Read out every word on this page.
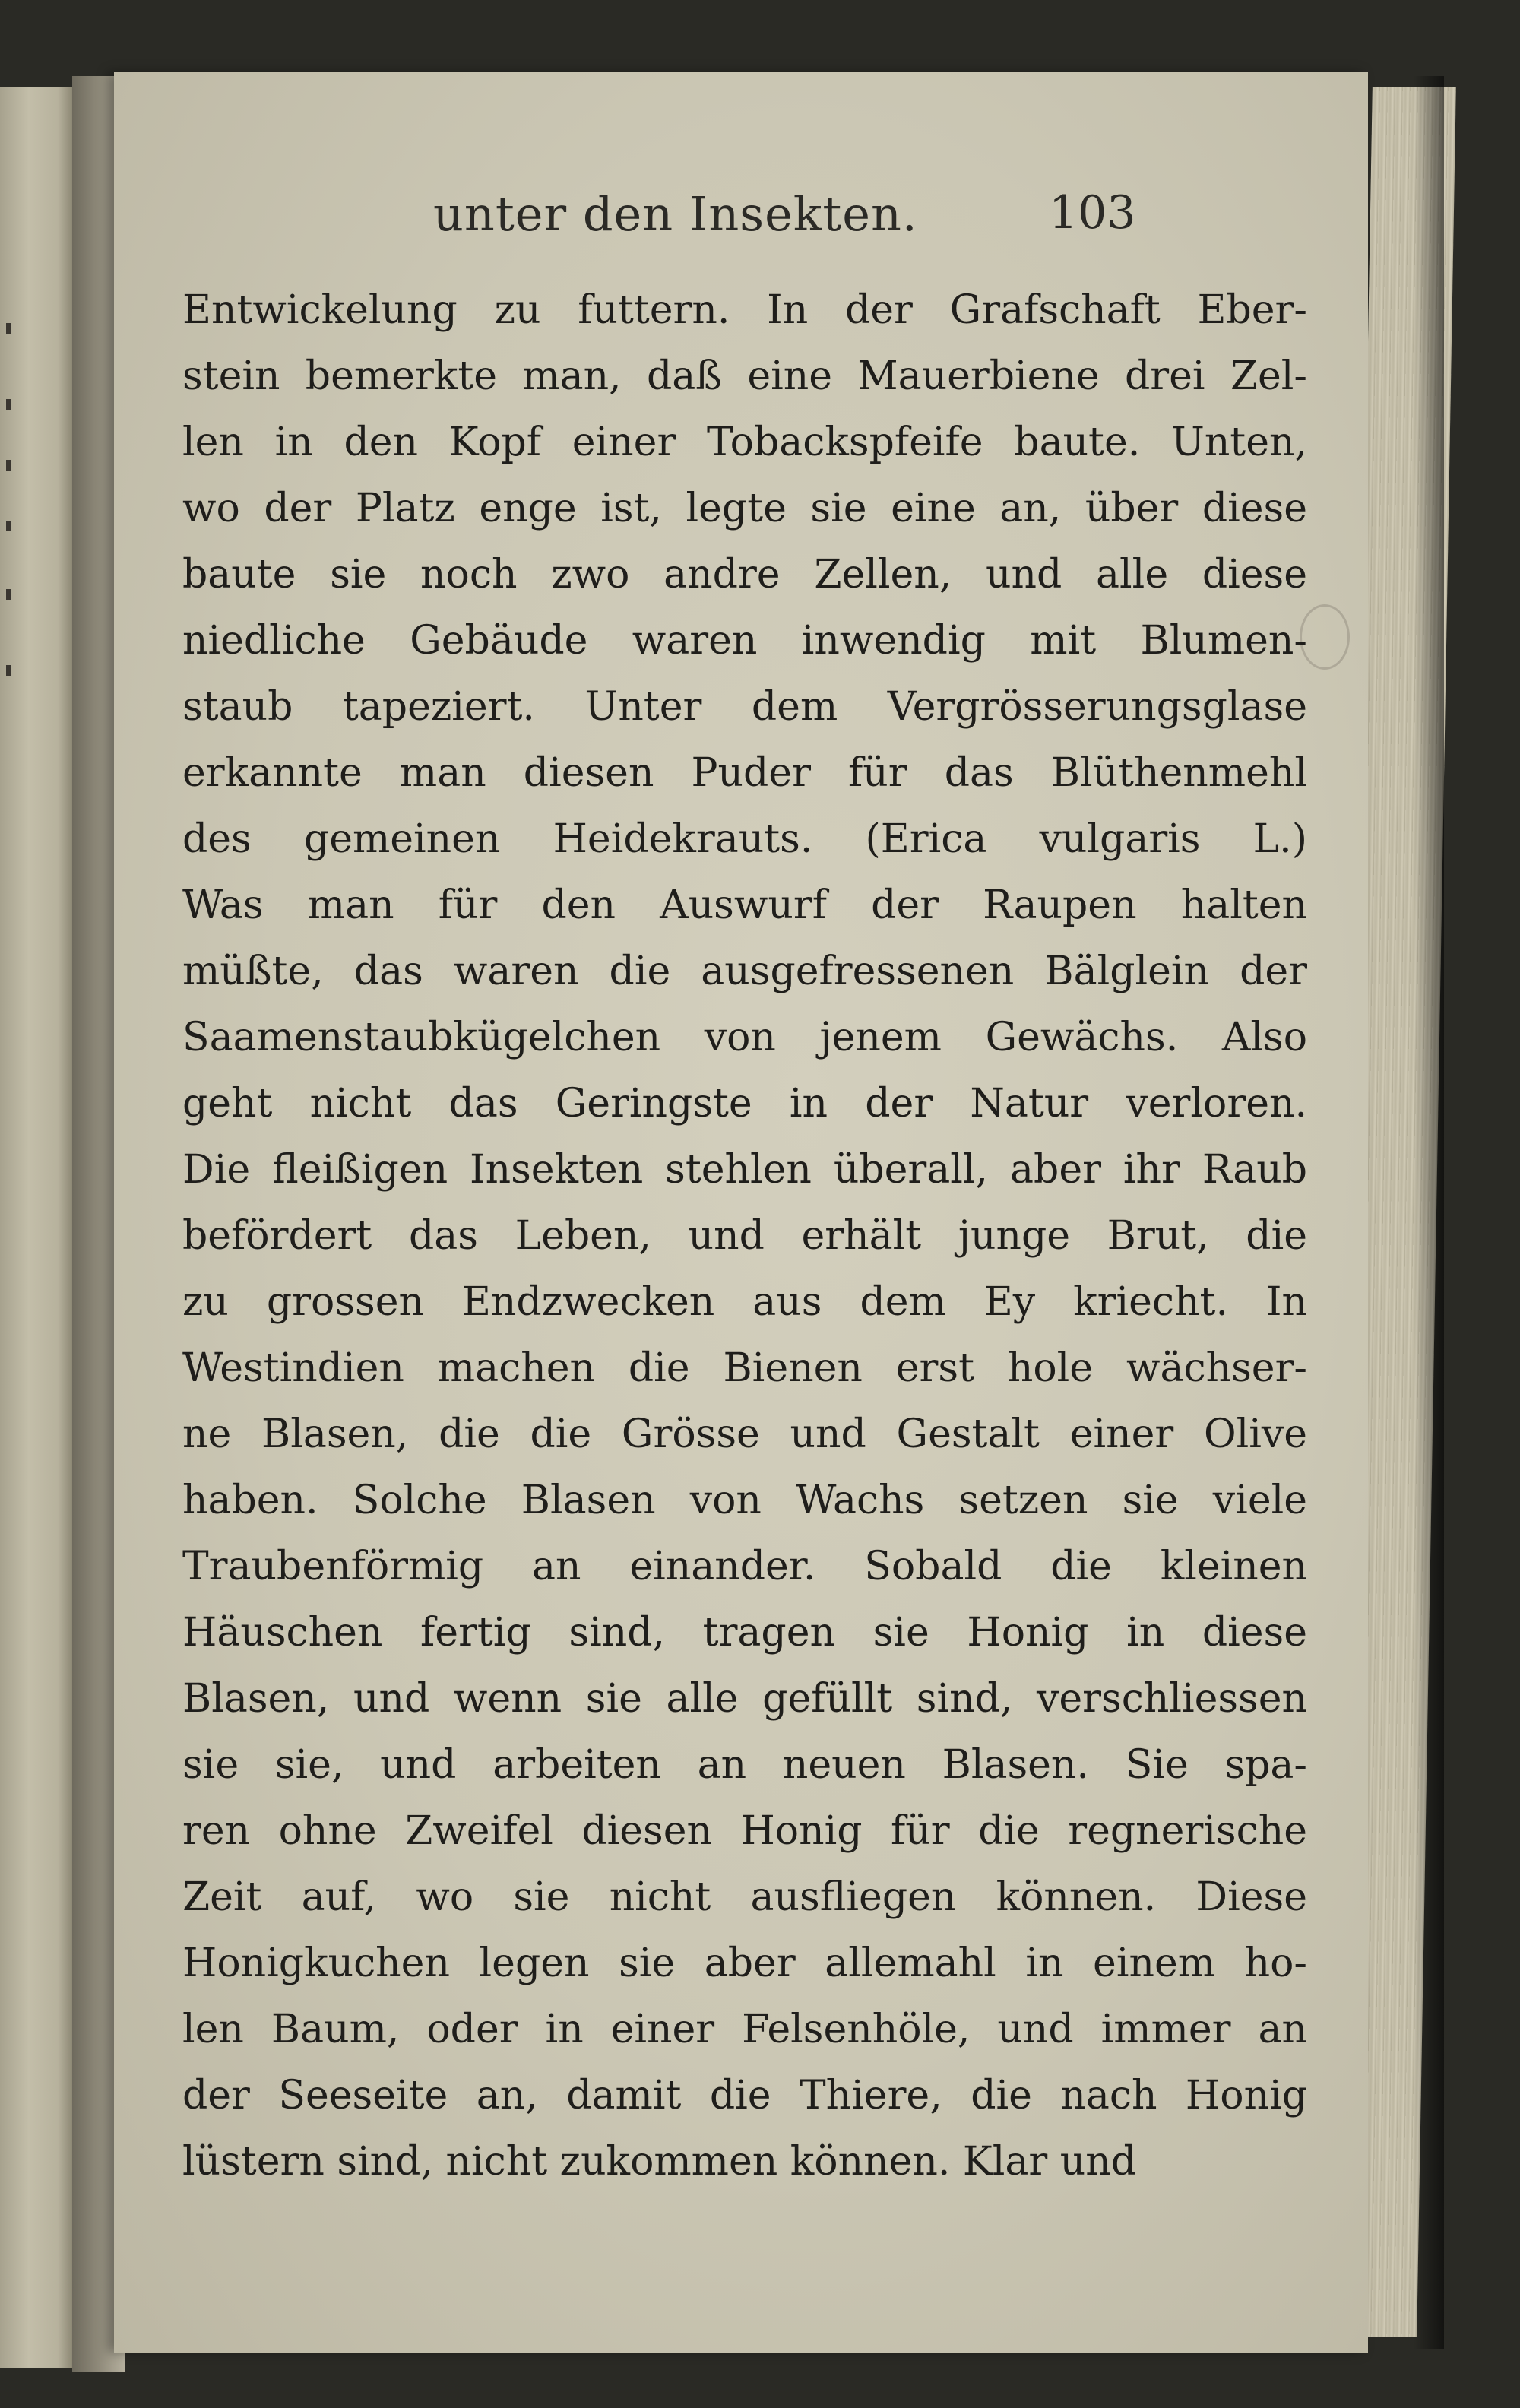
unter den Insekten.	103
Entwickelung zu futtern. In der Grafschaft Eber-
stein bemerkte man, daß eine Mauerbiene drei Zel-
len in den Kopf einer Tobackspfeife baute. Unten,
wo der Platz enge ist, legte sie eine an, über diese
baute sie noch zwo andre Zellen, und alle diese
niedliche Gebäude waren inwendig mit Blumen-
staub tapeziert. Unter dem Vergrösserungsglase
erkannte man diesen Puder für das Blüthenmehl
des gemeinen Heidekrauts. (Erica vulgaris L.)
Was man für den Auswurf der Raupen halten
müßte, das waren die ausgefressenen Bälglein der
Saamenstaubkügelchen von jenem Gewächs. Also
geht nicht das Geringste in der Natur verloren.
Die fleißigen Insekten stehlen überall, aber ihr Raub
befördert das Leben, und erhält junge Brut, die
zu grossen Endzwecken aus dem Ey kriecht. In
Westindien machen die Bienen erst hole wächser-
ne Blasen, die die Grösse und Gestalt einer Olive
haben. Solche Blasen von Wachs setzen sie viele
Traubenförmig an einander. Sobald die kleinen
Häuschen fertig sind, tragen sie Honig in diese
Blasen, und wenn sie alle gefüllt sind, verschliessen
sie sie, und arbeiten an neuen Blasen. Sie spa-
ren ohne Zweifel diesen Honig für die regnerische
Zeit auf, wo sie nicht ausfliegen können. Diese
Honigkuchen legen sie aber allemahl in einem ho-
len Baum, oder in einer Felsenhöle, und immer an
der Seeseite an, damit die Thiere, die nach Honig
lüstern sind, nicht zukommen können. Klar und
